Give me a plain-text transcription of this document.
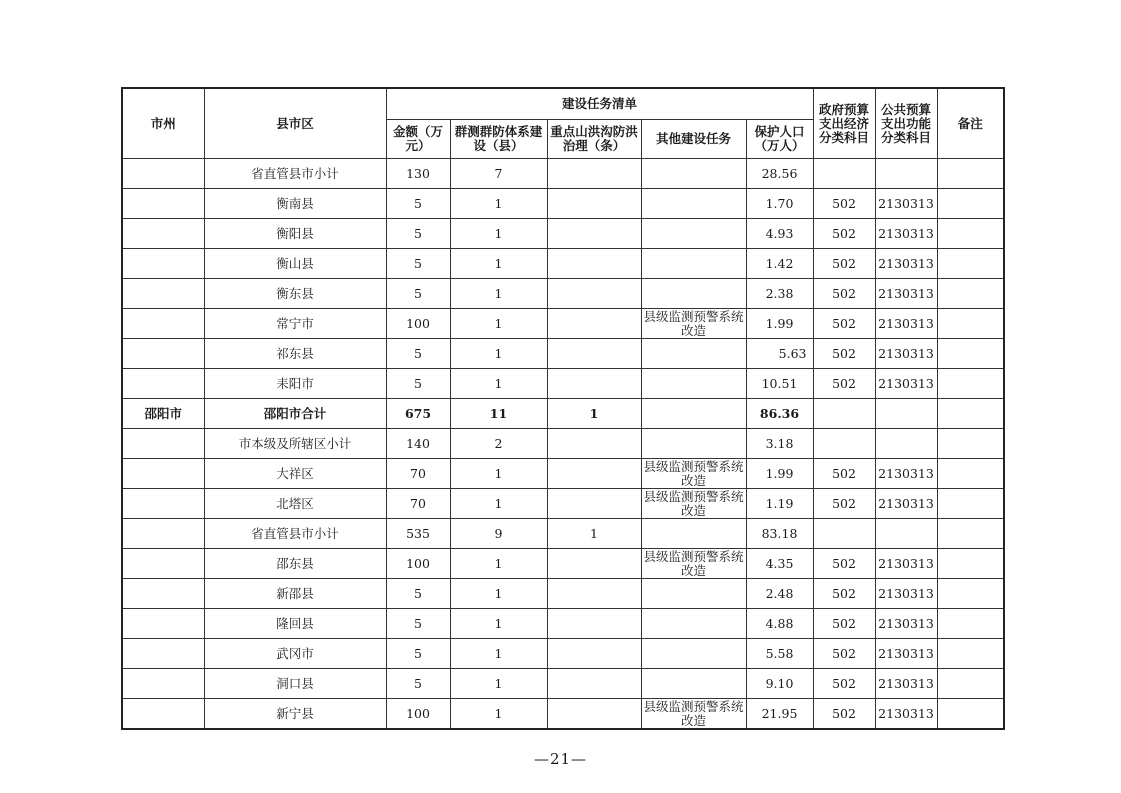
市州	县市区	建设任务清单					政府预算支出经济分类科目	公共预算支出功能分类科目	备注
		金额（万元）	群测群防体系建设（县）	重点山洪沟防洪治理（条）	其他建设任务	保护人口（万人）			
	省直管县市小计	130	7			28.56			
	衡南县	5	1			1.70	502	2130313	
	衡阳县	5	1			4.93	502	2130313	
	衡山县	5	1			1.42	502	2130313	
	衡东县	5	1			2.38	502	2130313	
	常宁市	100	1		县级监测预警系统改造	1.99	502	2130313	
	祁东县	5	1			5.63	502	2130313	
	耒阳市	5	1			10.51	502	2130313	
邵阳市	邵阳市合计	675	11	1		86.36			
	市本级及所辖区小计	140	2			3.18			
	大祥区	70	1		县级监测预警系统改造	1.99	502	2130313	
	北塔区	70	1		县级监测预警系统改造	1.19	502	2130313	
	省直管县市小计	535	9	1		83.18			
	邵东县	100	1		县级监测预警系统改造	4.35	502	2130313	
	新邵县	5	1			2.48	502	2130313	
	隆回县	5	1			4.88	502	2130313	
	武冈市	5	1			5.58	502	2130313	
	洞口县	5	1			9.10	502	2130313	
	新宁县	100	1		县级监测预警系统改造	21.95	502	2130313	
—21—
